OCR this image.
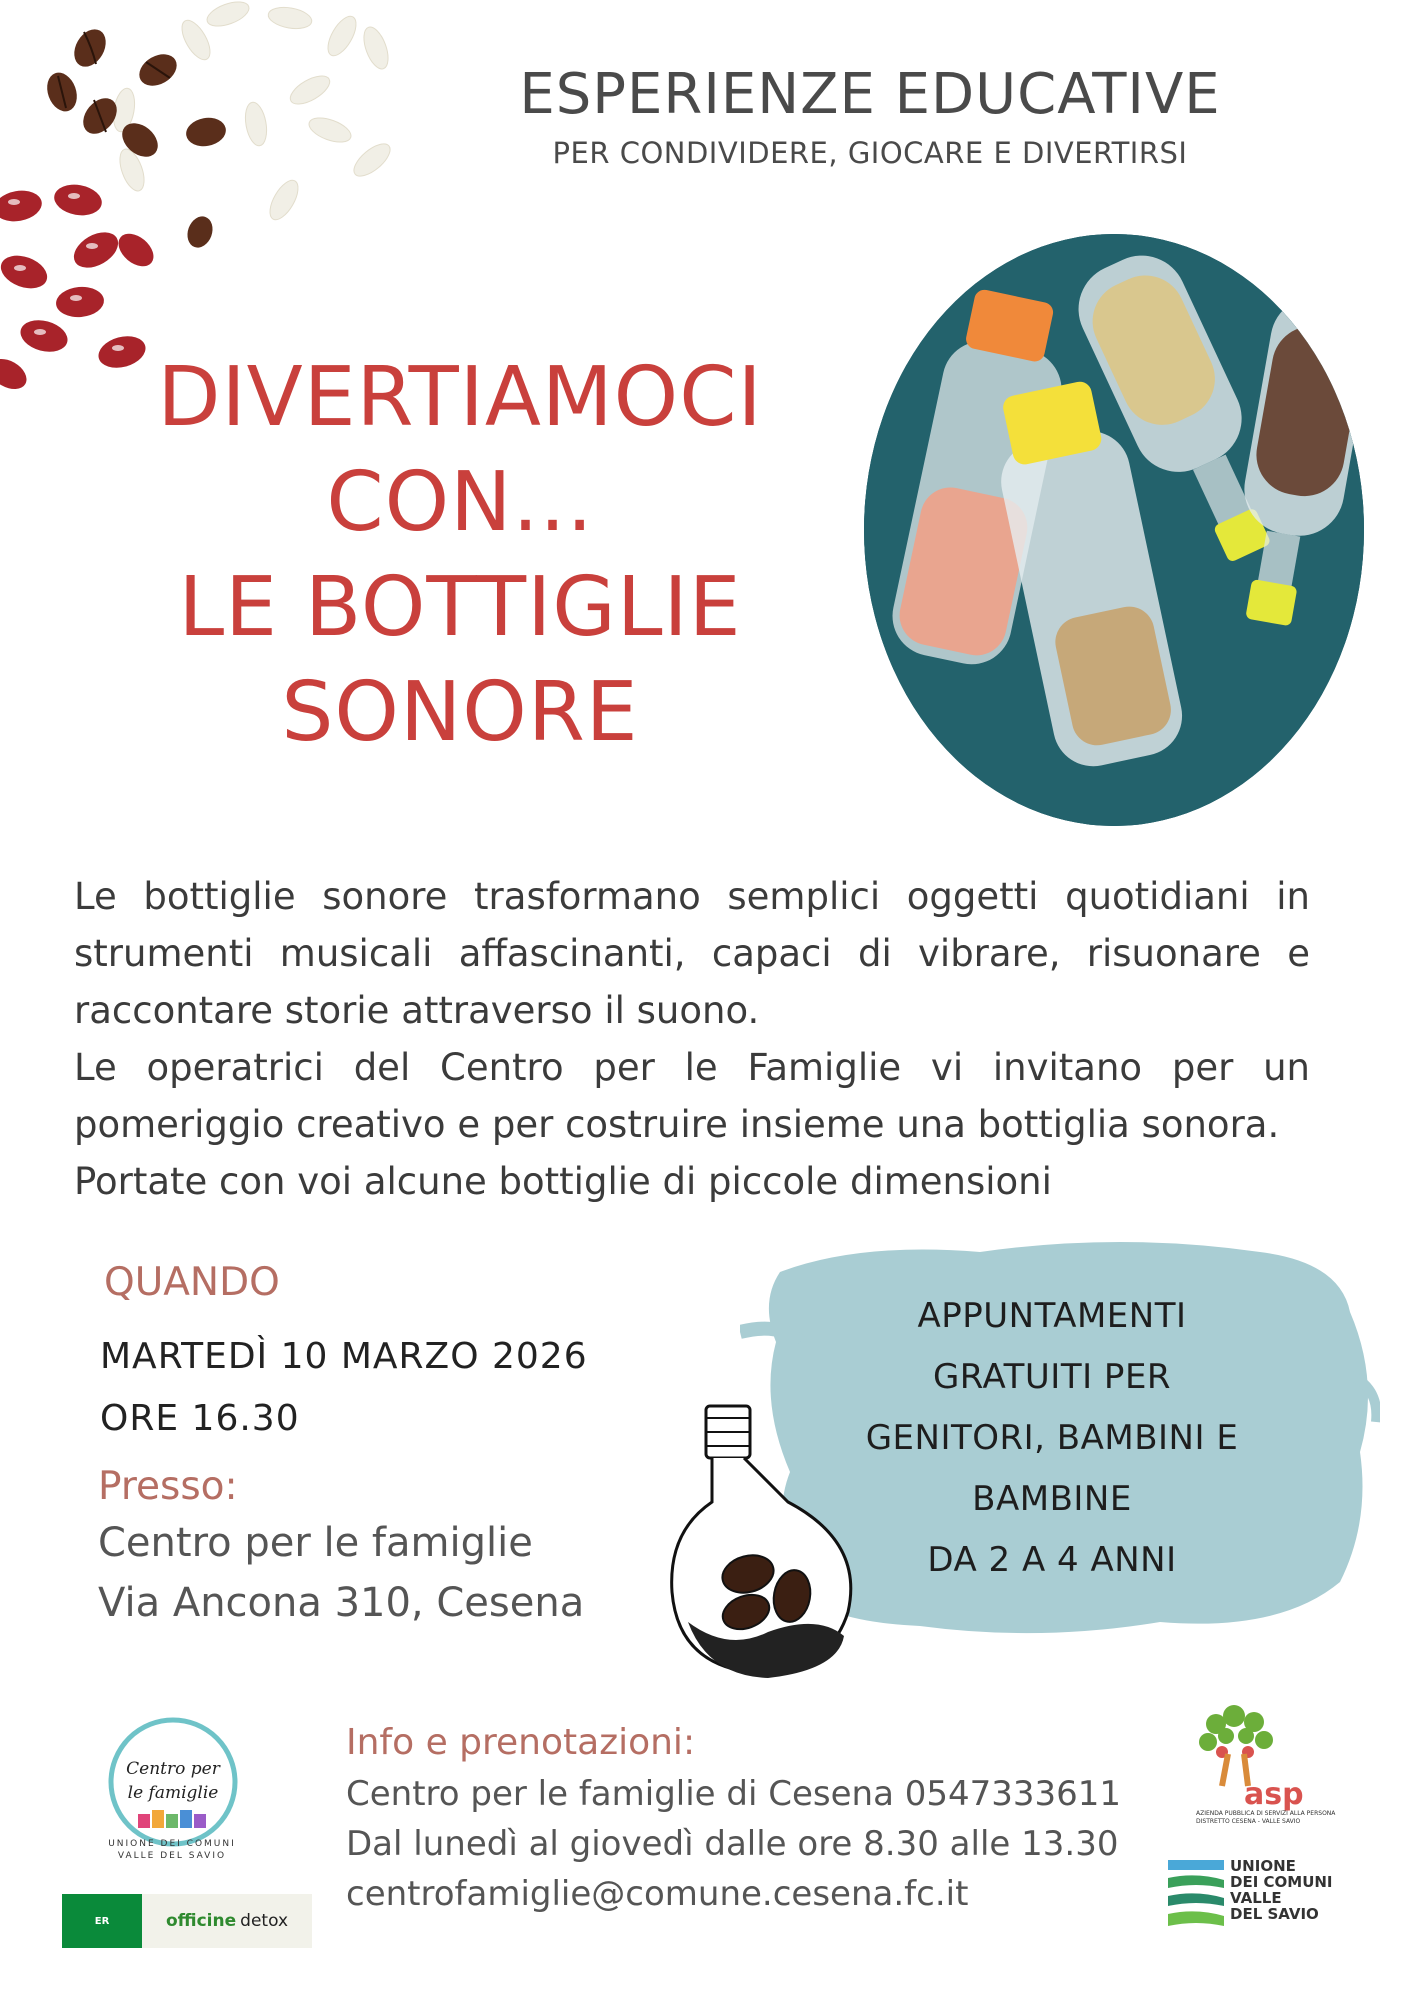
ESPERIENZE EDUCATIVE
PER CONDIVIDERE, GIOCARE E DIVERTIRSI
DIVERTIAMOCI
CON...
LE BOTTIGLIE
SONORE

Le bottiglie sonore trasformano semplici oggetti quotidiani in strumenti musicali affascinanti, capaci di vibrare, risuonare e raccontare storie attraverso il suono.

Le operatrici del Centro per le Famiglie vi invitano per un pomeriggio creativo e per costruire insieme una bottiglia sonora.

Portate con voi alcune bottiglie di piccole dimensioni

QUANDO
MARTEDÌ 10 MARZO 2026
ORE 16.30
Presso:
Centro per le famiglie
Via Ancona 310, Cesena
APPUNTAMENTI
GRATUITI PER
GENITORI, BAMBINI E
BAMBINE
DA 2 A 4 ANNI
Info e prenotazioni:
Centro per le famiglie di Cesena 0547333611
Dal lunedì al giovedì dalle ore 8.30 alle 13.30
centrofamiglie@comune.cesena.fc.it
Centro per
le famiglie
UNIONE DEI COMUNI
VALLE DEL SAVIO
ER	officine detox
asp
AZIENDA PUBBLICA DI SERVIZI ALLA PERSONA
DISTRETTO CESENA - VALLE SAVIO
UNIONE
DEI COMUNI
VALLE
DEL SAVIO
